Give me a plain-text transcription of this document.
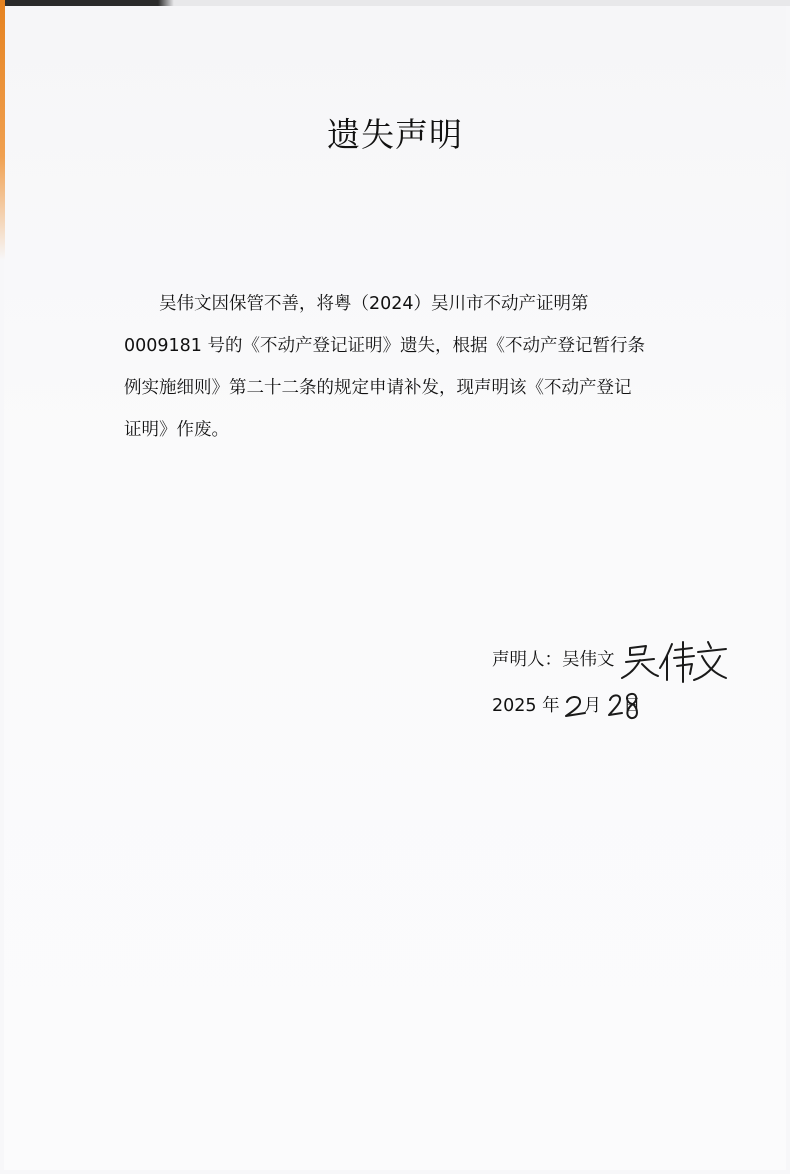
遗失声明

吴伟文因保管不善，将粤（2024）吴川市不动产证明第
0009181 号的《不动产登记证明》遗失，根据《不动产登记暂行条
例实施细则》第二十二条的规定申请补发，现声明该《不动产登记
证明》作废。

声明人：吴伟文
2025 年 月 日
